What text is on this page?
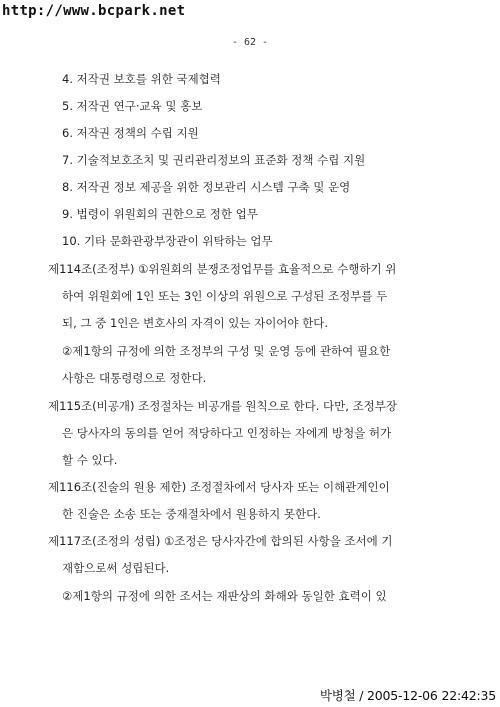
http://www.bcpark.net
- 62 -
4. 저작권 보호를 위한 국제협력
5. 저작권 연구·교육 및 홍보
6. 저작권 정책의 수립 지원
7. 기술적보호조치 및 권리관리정보의 표준화 정책 수립 지원
8. 저작권 정보 제공을 위한 정보관리 시스템 구축 및 운영
9. 법령이 위원회의 권한으로 정한 업무
10. 기타 문화관광부장관이 위탁하는 업무
제114조(조정부) ①위원회의 분쟁조정업무를 효율적으로 수행하기 위
하여 위원회에 1인 또는 3인 이상의 위원으로 구성된 조정부를 두
되, 그 중 1인은 변호사의 자격이 있는 자이어야 한다.
②제1항의 규정에 의한 조정부의 구성 및 운영 등에 관하여 필요한
사항은 대통령령으로 정한다.
제115조(비공개) 조정절차는 비공개를 원칙으로 한다. 다만, 조정부장
은 당사자의 동의를 얻어 적당하다고 인정하는 자에게 방청을 허가
할 수 있다.
제116조(진술의 원용 제한) 조정절차에서 당사자 또는 이해관계인이
한 진술은 소송 또는 중재절차에서 원용하지 못한다.
제117조(조정의 성립) ①조정은 당사자간에 합의된 사항을 조서에 기
재함으로써 성립된다.
②제1항의 규정에 의한 조서는 재판상의 화해와 동일한 효력이 있
박병철 / 2005-12-06 22:42:35
